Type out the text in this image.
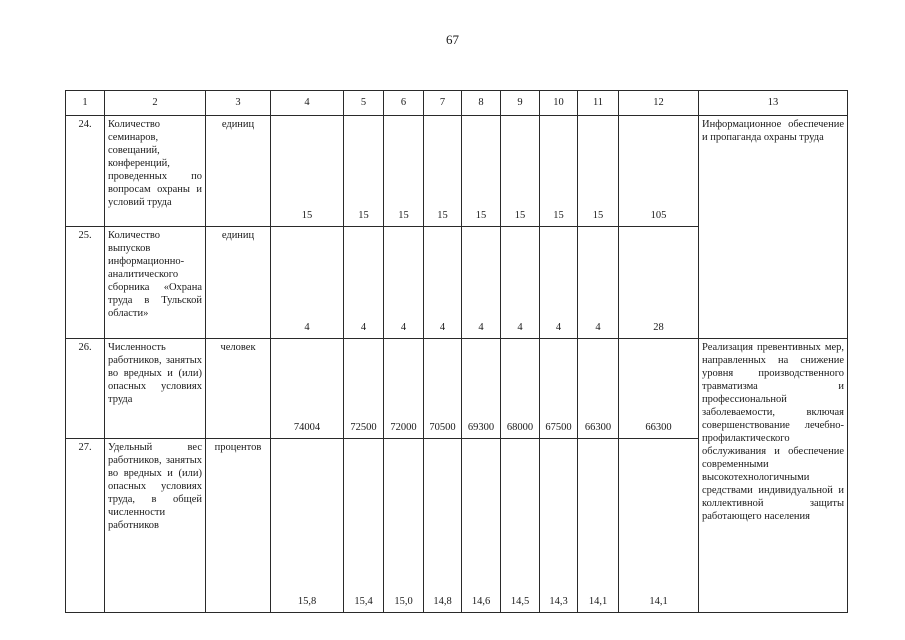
67
1	2	3	4	5	6	7	8	9	10	11	12	13
24.	Количество семинаров, совещаний, конференций, проведенных по вопросам охраны и условий труда	единиц	15	15	15	15	15	15	15	15	105	Информационное обеспечение и пропаганда охраны труда
25.	Количество выпусков информационно-аналитического сборника «Охрана труда в Тульской области»	единиц	4	4	4	4	4	4	4	4	28	
26.	Численность работников, занятых во вредных и (или) опасных условиях труда	человек	74004	72500	72000	70500	69300	68000	67500	66300	66300	Реализация превентивных мер, направленных на снижение уровня производственного травматизма и профессиональной заболеваемости, включая совершенствование лечебно-профилактического обслуживания и обеспечение современными высокотехнологичными средствами индивидуальной и коллективной защиты работающего населения
27.	Удельный вес работников, занятых во вредных и (или) опасных условиях труда, в общей численности работников	процентов	15,8	15,4	15,0	14,8	14,6	14,5	14,3	14,1	14,1	
